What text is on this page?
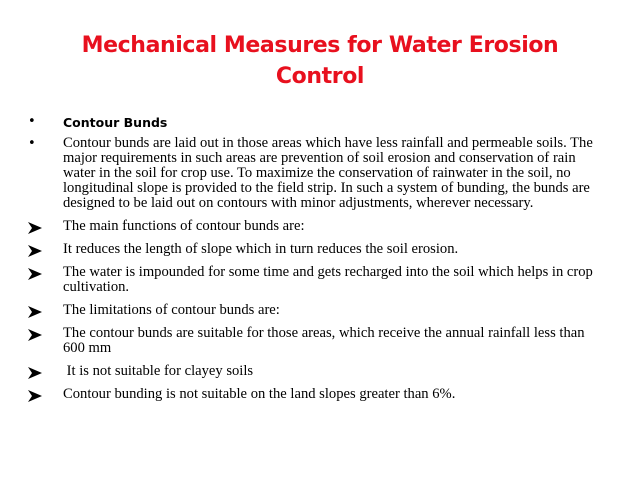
Mechanical Measures for Water Erosion
Control
•	Contour Bunds
•	Contour bunds are laid out in those areas which have less rainfall and permeable soils. The major requirements in such areas are prevention of soil erosion and conservation of rain water in the soil for crop use. To maximize the conservation of rainwater in the soil, no longitudinal slope is provided to the field strip. In such a system of bunding, the bunds are designed to be laid out on contours with minor adjustments, wherever necessary.
The main functions of contour bunds are:
It reduces the length of slope which in turn reduces the soil erosion.
The water is impounded for some time and gets recharged into the soil which helps in crop cultivation.
The limitations of contour bunds are:
The contour bunds are suitable for those areas, which receive the annual rainfall less than 600 mm
It is not suitable for clayey soils
Contour bunding is not suitable on the land slopes greater than 6%.
